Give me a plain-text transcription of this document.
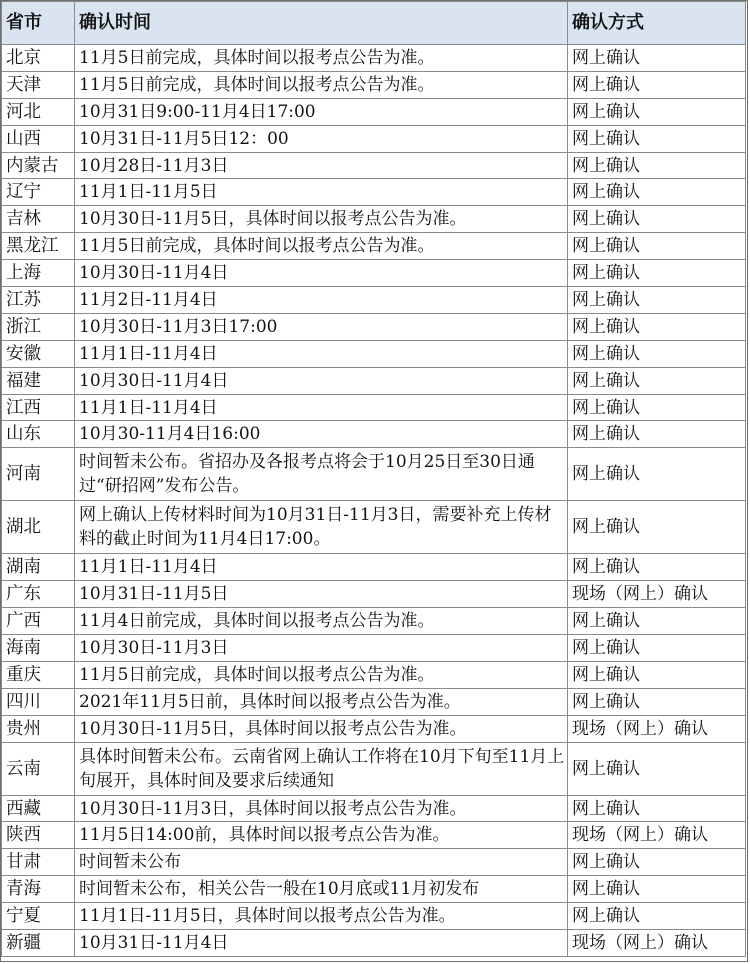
省市	确认时间	确认方式
北京	11月5日前完成，具体时间以报考点公告为准。	网上确认
天津	11月5日前完成，具体时间以报考点公告为准。	网上确认
河北	10月31日9:00-11月4日17:00	网上确认
山西	10月31日-11月5日12：00	网上确认
内蒙古	10月28日-11月3日	网上确认
辽宁	11月1日-11月5日	网上确认
吉林	10月30日-11月5日，具体时间以报考点公告为准。	网上确认
黑龙江	11月5日前完成，具体时间以报考点公告为准。	网上确认
上海	10月30日-11月4日	网上确认
江苏	11月2日-11月4日	网上确认
浙江	10月30日-11月3日17:00	网上确认
安徽	11月1日-11月4日	网上确认
福建	10月30日-11月4日	网上确认
江西	11月1日-11月4日	网上确认
山东	10月30-11月4日16:00	网上确认
河南	时间暂未公布。省招办及各报考点将会于10月25日至30日通过“研招网”发布公告。	网上确认
湖北	网上确认上传材料时间为10月31日-11月3日，需要补充上传材料的截止时间为11月4日17:00。	网上确认
湖南	11月1日-11月4日	网上确认
广东	10月31日-11月5日	现场（网上）确认
广西	11月4日前完成，具体时间以报考点公告为准。	网上确认
海南	10月30日-11月3日	网上确认
重庆	11月5日前完成，具体时间以报考点公告为准。	网上确认
四川	2021年11月5日前，具体时间以报考点公告为准。	网上确认
贵州	10月30日-11月5日，具体时间以报考点公告为准。	现场（网上）确认
云南	具体时间暂未公布。云南省网上确认工作将在10月下旬至11月上旬展开，具体时间及要求后续通知	网上确认
西藏	10月30日-11月3日，具体时间以报考点公告为准。	网上确认
陕西	11月5日14:00前，具体时间以报考点公告为准。	现场（网上）确认
甘肃	时间暂未公布	网上确认
青海	时间暂未公布，相关公告一般在10月底或11月初发布	网上确认
宁夏	11月1日-11月5日，具体时间以报考点公告为准。	网上确认
新疆	10月31日-11月4日	现场（网上）确认
